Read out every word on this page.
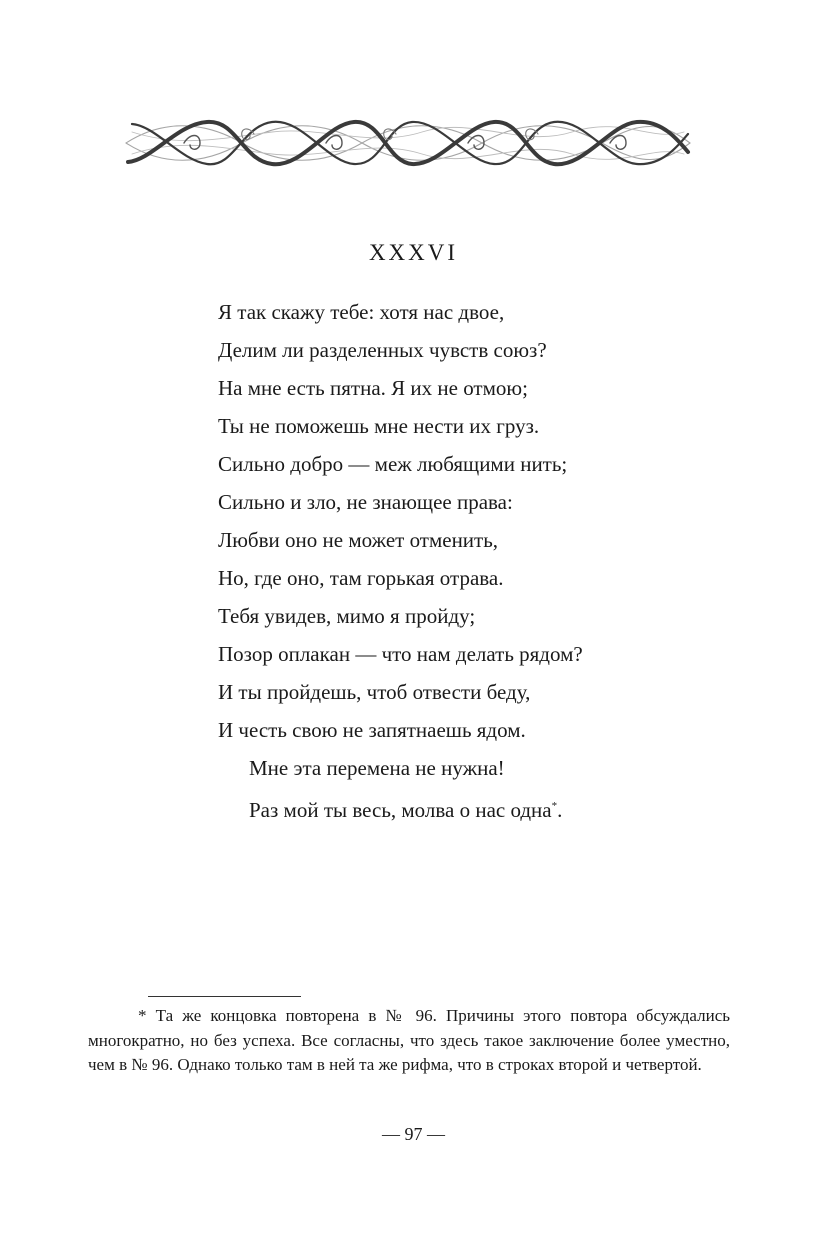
XXXVI
Я так скажу тебе: хотя нас двое,
Делим ли разделенных чувств союз?
На мне есть пятна. Я их не отмою;
Ты не поможешь мне нести их груз.
Сильно добро — меж любящими нить;
Сильно и зло, не знающее права:
Любви оно не может отменить,
Но, где оно, там горькая отрава.
Тебя увидев, мимо я пройду;
Позор оплакан — что нам делать рядом?
И ты пройдешь, чтоб отвести беду,
И честь свою не запятнаешь ядом.
Мне эта перемена не нужна!
Раз мой ты весь, молва о нас одна*.
* Та же концовка повторена в № 96. Причины этого повтора обсуждались многократно, но без успеха. Все согласны, что здесь такое заключение более уместно, чем в № 96. Однако только там в ней та же рифма, что в строках второй и четвертой.
— 97 —
